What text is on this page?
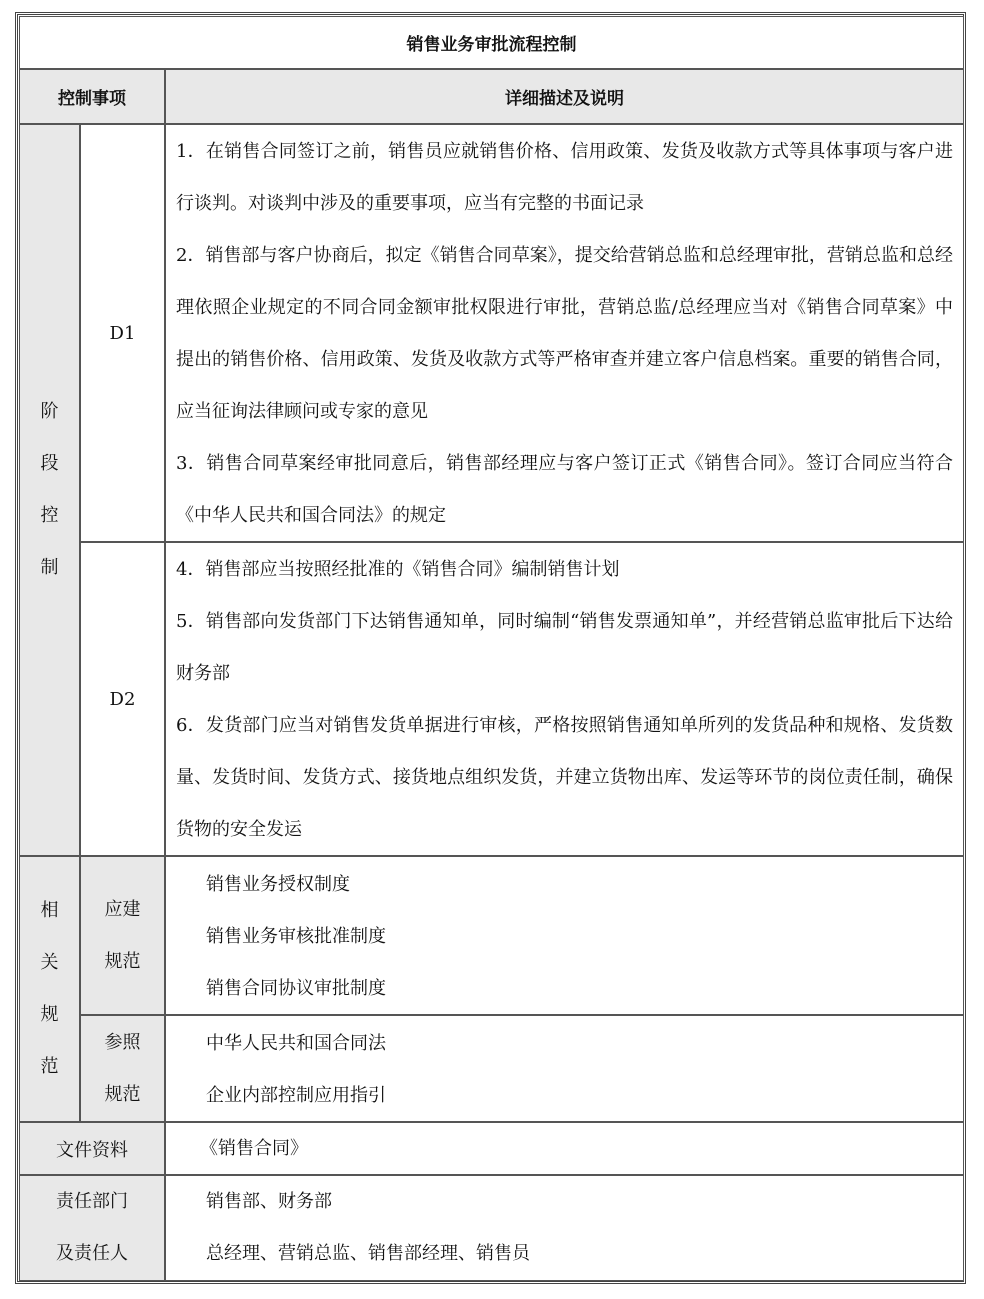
销售业务审批流程控制
控制事项	详细描述及说明
阶
段
控
制
D1

1．在销售合同签订之前，销售员应就销售价格、信用政策、发货及收款方式等具体事项与客户进行谈判。对谈判中涉及的重要事项，应当有完整的书面记录

2．销售部与客户协商后，拟定《销售合同草案》，提交给营销总监和总经理审批，营销总监和总经理依照企业规定的不同合同金额审批权限进行审批，营销总监/总经理应当对《销售合同草案》中提出的销售价格、信用政策、发货及收款方式等严格审查并建立客户信息档案。重要的销售合同，应当征询法律顾问或专家的意见

3．销售合同草案经审批同意后，销售部经理应与客户签订正式《销售合同》。签订合同应当符合《中华人民共和国合同法》的规定

D2

4．销售部应当按照经批准的《销售合同》编制销售计划

5．销售部向发货部门下达销售通知单，同时编制“销售发票通知单”，并经营销总监审批后下达给财务部

6．发货部门应当对销售发货单据进行审核，严格按照销售通知单所列的发货品种和规格、发货数量、发货时间、发货方式、接货地点组织发货，并建立货物出库、发运等环节的岗位责任制，确保货物的安全发运

相
关
规
范
应建
规范
销售业务授权制度
销售业务审核批准制度
销售合同协议审批制度
参照
规范
中华人民共和国合同法
企业内部控制应用指引
文件资料	《销售合同》
责任部门
及责任人
销售部、财务部
总经理、营销总监、销售部经理、销售员
